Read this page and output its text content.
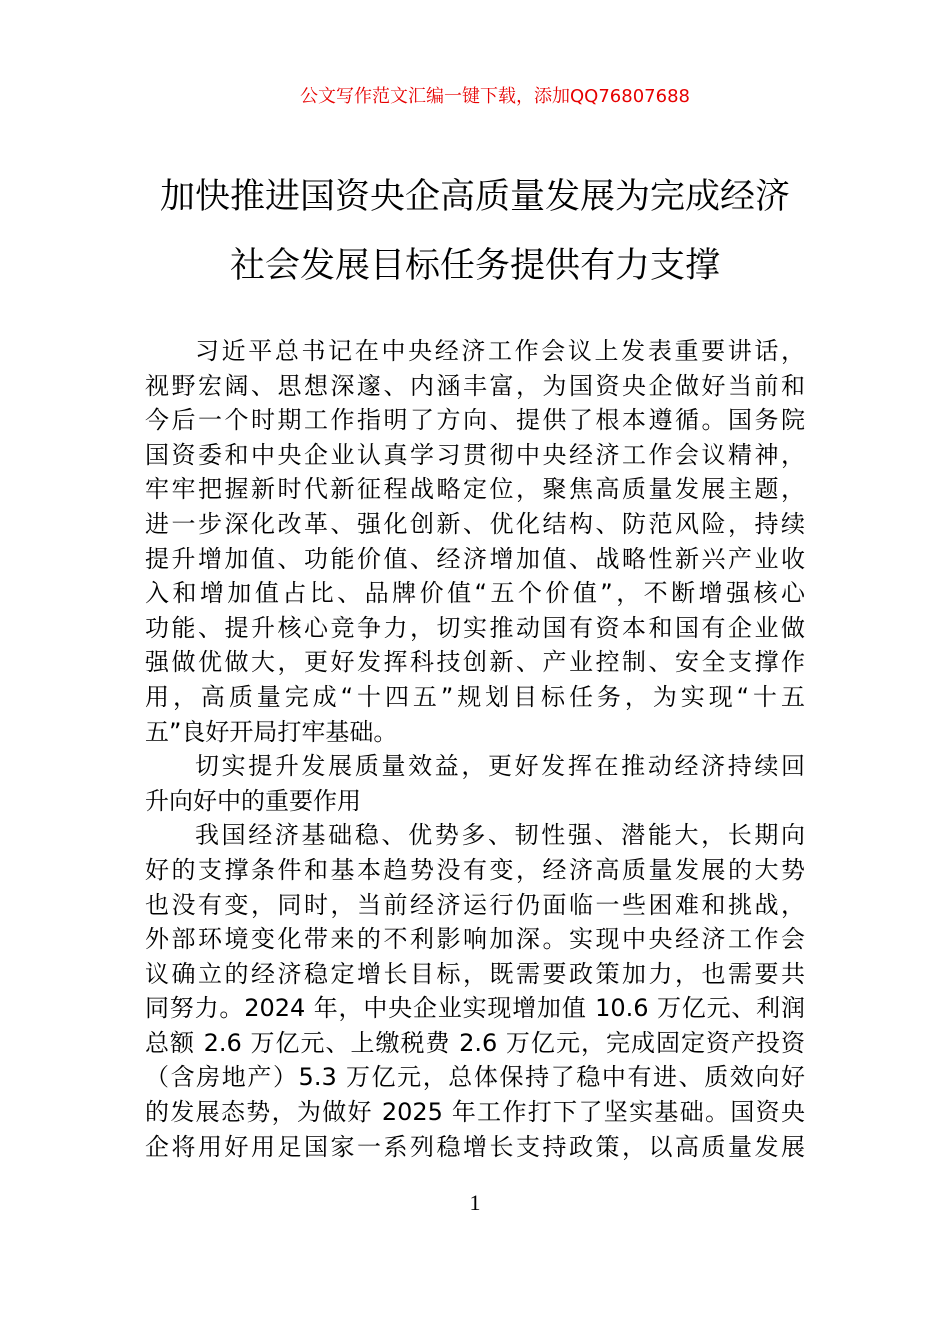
公文写作范文汇编一键下载，添加QQ76807688
加快推进国资央企高质量发展为完成经济
社会发展目标任务提供有力支撑
习近平总书记在中央经济工作会议上发表重要讲话，
视野宏阔、思想深邃、内涵丰富，为国资央企做好当前和
今后一个时期工作指明了方向、提供了根本遵循。国务院
国资委和中央企业认真学习贯彻中央经济工作会议精神，
牢牢把握新时代新征程战略定位，聚焦高质量发展主题，
进一步深化改革、强化创新、优化结构、防范风险，持续
提升增加值、功能价值、经济增加值、战略性新兴产业收
入和增加值占比、品牌价值“五个价值”，不断增强核心
功能、提升核心竞争力，切实推动国有资本和国有企业做
强做优做大，更好发挥科技创新、产业控制、安全支撑作
用，高质量完成“十四五”规划目标任务，为实现“十五
五”良好开局打牢基础。
切实提升发展质量效益，更好发挥在推动经济持续回
升向好中的重要作用
我国经济基础稳、优势多、韧性强、潜能大，长期向
好的支撑条件和基本趋势没有变，经济高质量发展的大势
也没有变，同时，当前经济运行仍面临一些困难和挑战，
外部环境变化带来的不利影响加深。实现中央经济工作会
议确立的经济稳定增长目标，既需要政策加力，也需要共
同努力。2024 年，中央企业实现增加值 10.6 万亿元、利润
总额 2.6 万亿元、上缴税费 2.6 万亿元，完成固定资产投资
（含房地产）5.3 万亿元，总体保持了稳中有进、质效向好
的发展态势，为做好 2025 年工作打下了坚实基础。国资央
企将用好用足国家一系列稳增长支持政策，以高质量发展
1
